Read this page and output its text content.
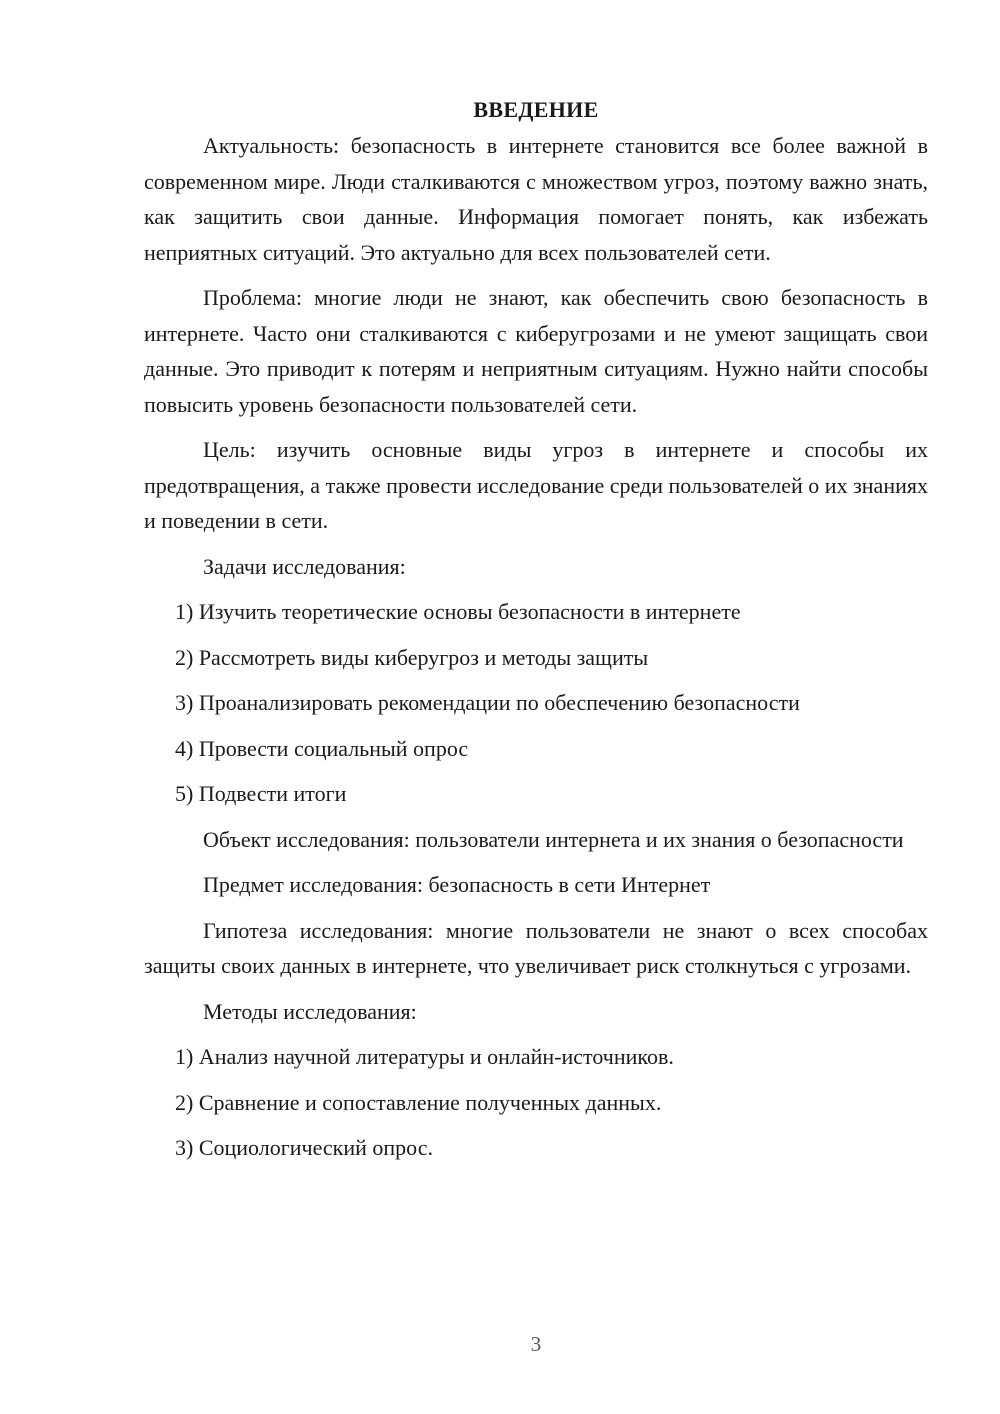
ВВЕДЕНИЕ

Актуальность: безопасность в интернете становится все более важной в современном мире. Люди сталкиваются с множеством угроз, поэтому важно знать, как защитить свои данные. Информация помогает понять, как избежать неприятных ситуаций. Это актуально для всех пользователей сети.

Проблема: многие люди не знают, как обеспечить свою безопасность в интернете. Часто они сталкиваются с киберугрозами и не умеют защищать свои данные. Это приводит к потерям и неприятным ситуациям. Нужно найти способы повысить уровень безопасности пользователей сети.

Цель: изучить основные виды угроз в интернете и способы их предотвращения, а также провести исследование среди пользователей о их знаниях и поведении в сети.

Задачи исследования:
1) Изучить теоретические основы безопасности в интернете
2) Рассмотреть виды киберугроз и методы защиты
3) Проанализировать рекомендации по обеспечению безопасности
4) Провести социальный опрос
5) Подвести итоги

Объект исследования: пользователи интернета и их знания о безопасности

Предмет исследования: безопасность в сети Интернет

Гипотеза исследования: многие пользователи не знают о всех способах защиты своих данных в интернете, что увеличивает риск столкнуться с угрозами.

Методы исследования:
1) Анализ научной литературы и онлайн-источников.
2) Сравнение и сопоставление полученных данных.
3) Социологический опрос.
3
